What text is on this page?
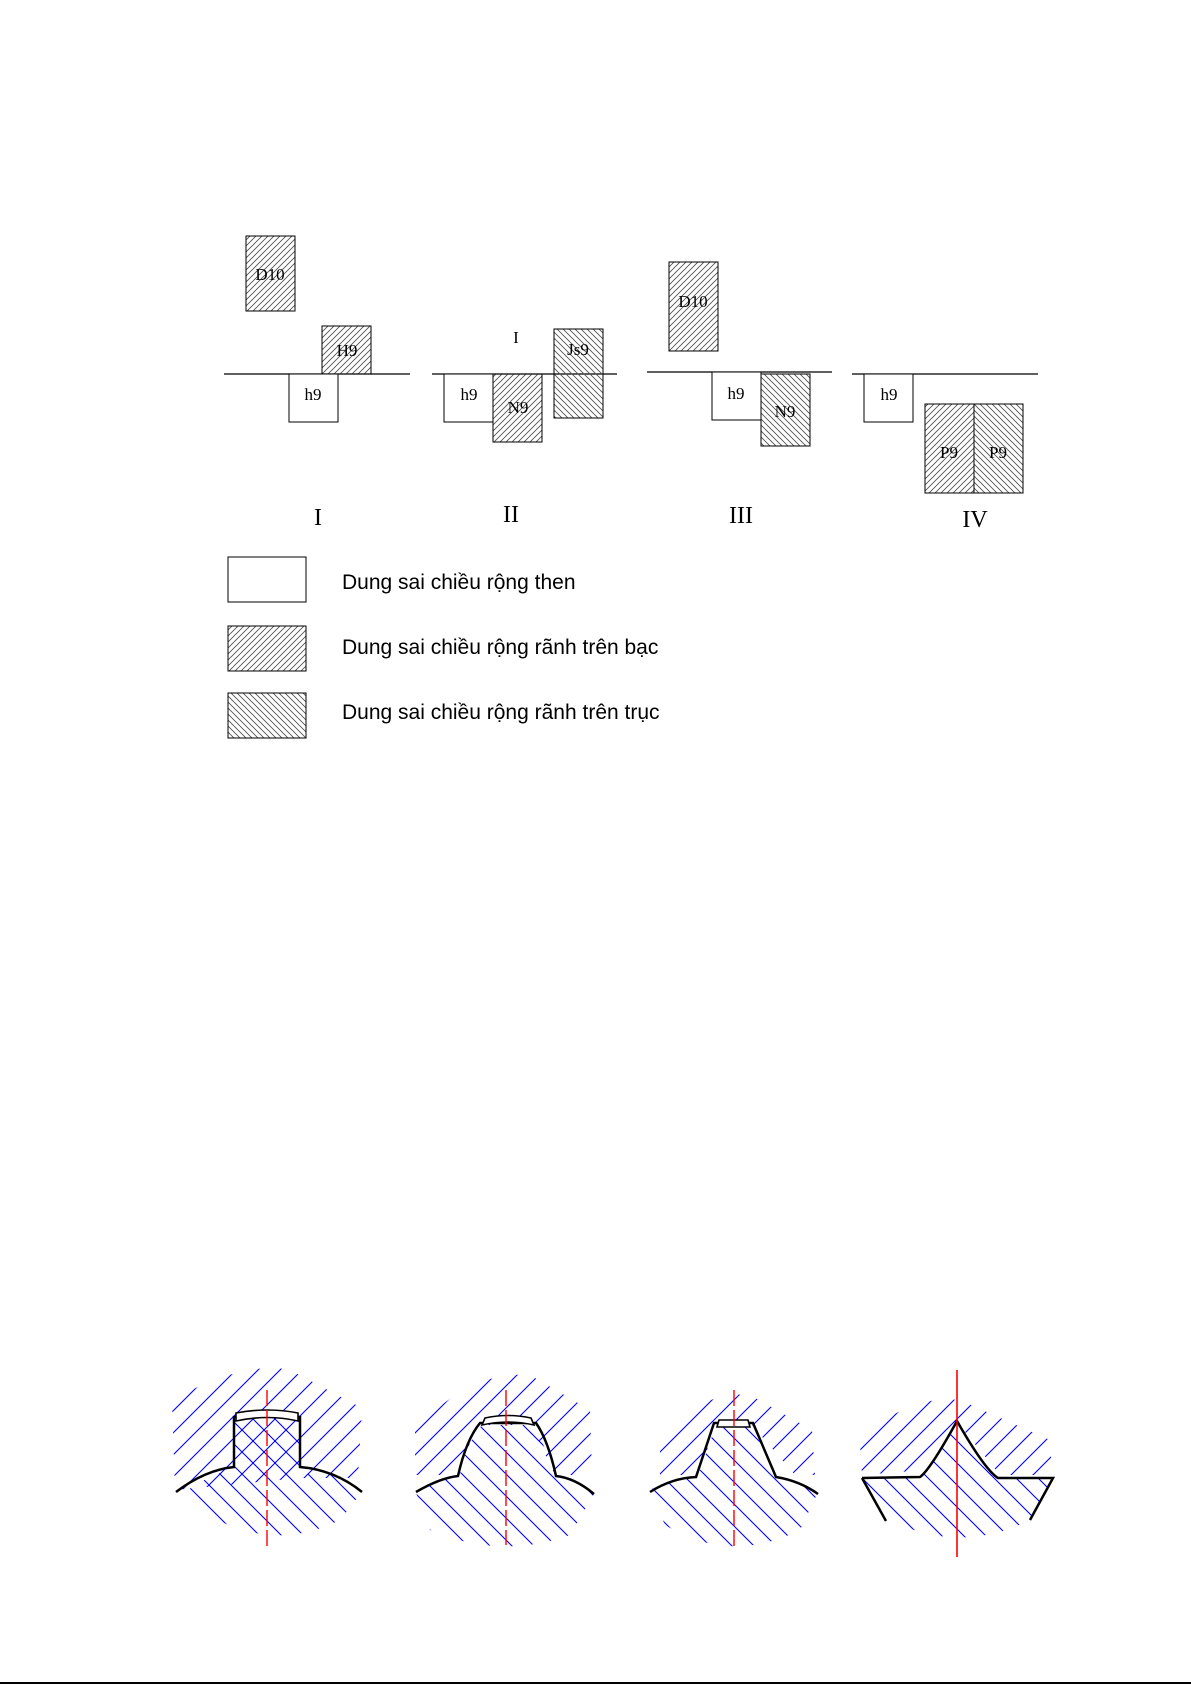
D10
H9
h9
I
h9
N9
Js9
I
II
D10
h9
N9
III
h9
P9 P9
IV
Dung sai chiều rộng then
Dung sai chiều rộng rãnh trên bạc
Dung sai chiều rộng rãnh trên trục
